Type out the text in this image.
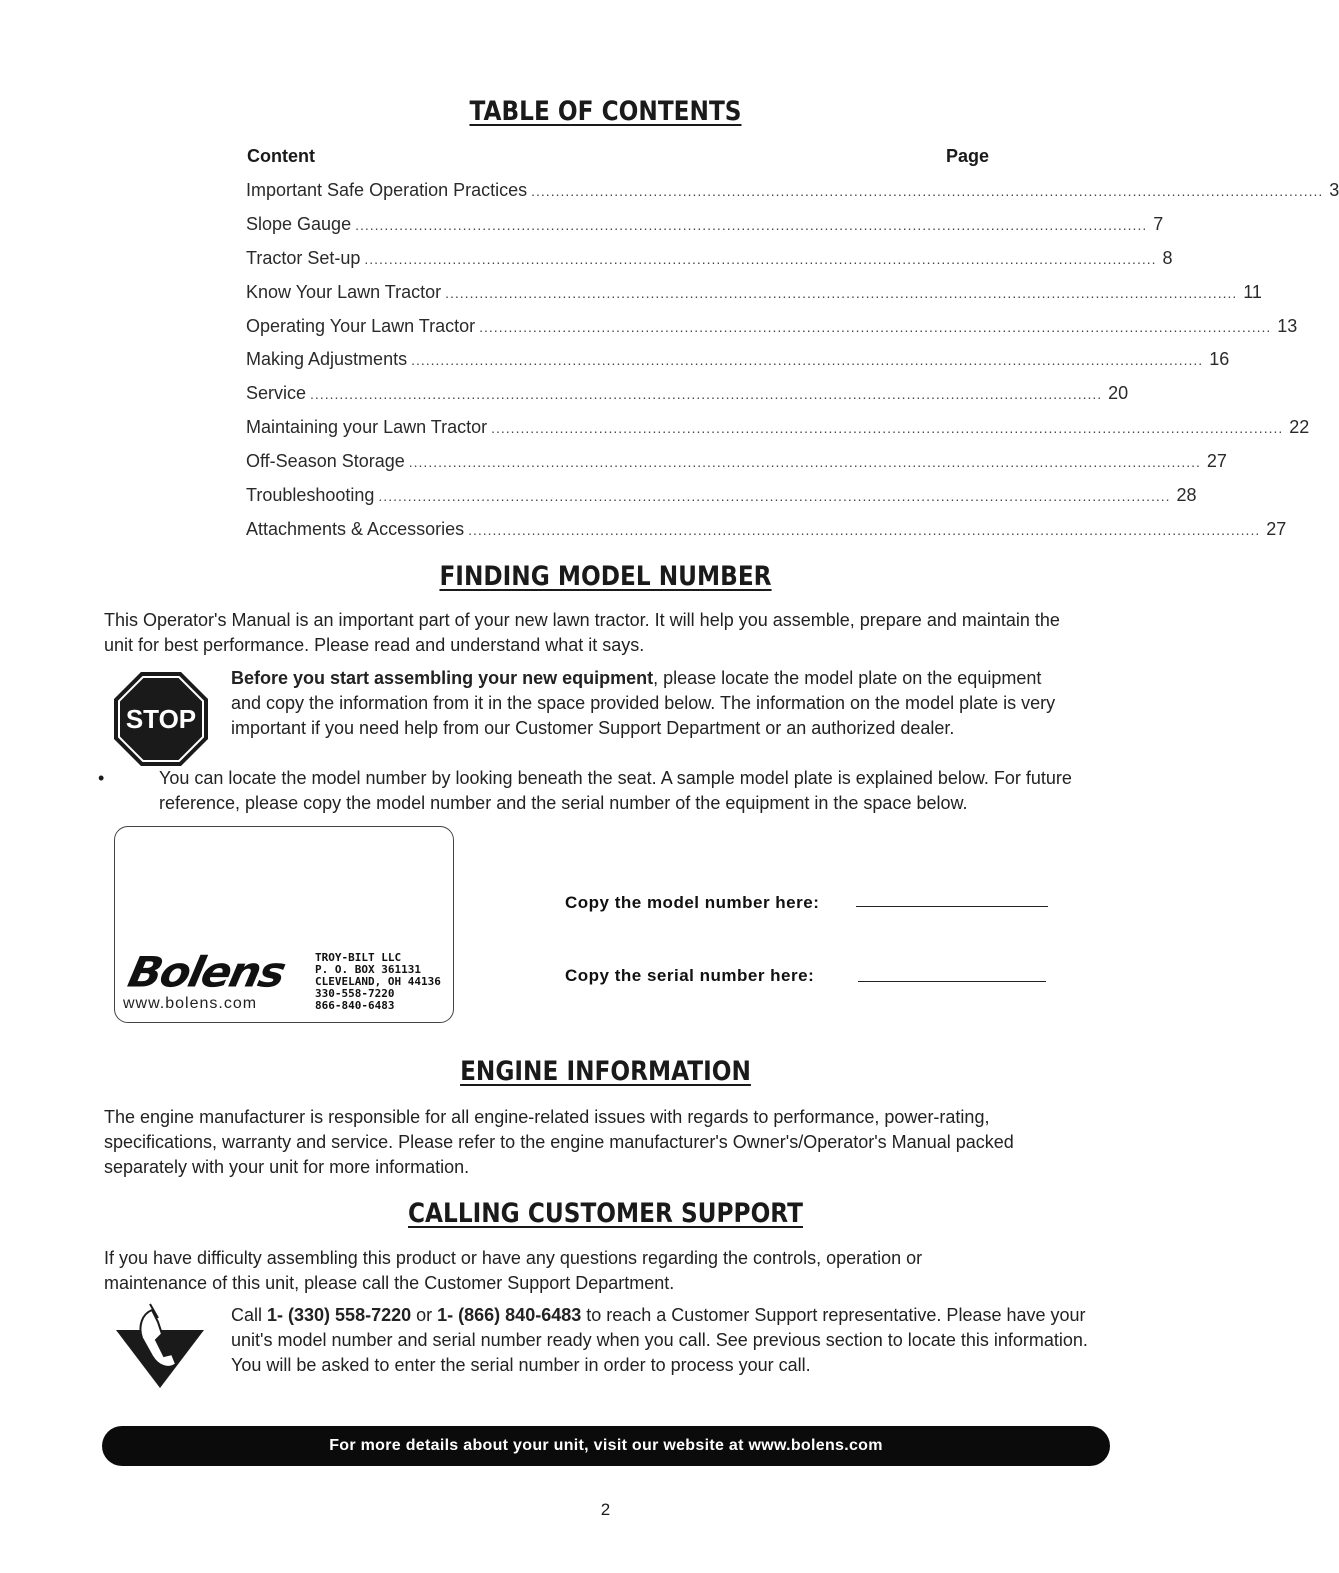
TABLE OF CONTENTS
Content	Page
Important Safe Operation Practices .................................................................................................................................................................. 3
Slope Gauge .................................................................................................................................................................. 7
Tractor Set-up .................................................................................................................................................................. 8
Know Your Lawn Tractor .................................................................................................................................................................. 11
Operating Your Lawn Tractor .................................................................................................................................................................. 13
Making Adjustments .................................................................................................................................................................. 16
Service .................................................................................................................................................................. 20
Maintaining your Lawn Tractor .................................................................................................................................................................. 22
Off-Season Storage .................................................................................................................................................................. 27
Troubleshooting .................................................................................................................................................................. 28
Attachments & Accessories .................................................................................................................................................................. 27
FINDING MODEL NUMBER

This Operator's Manual is an important part of your new lawn tractor. It will help you assemble, prepare and maintain the unit for best performance. Please read and understand what it says.

STOP

Before you start assembling your new equipment, please locate the model plate on the equipment and copy the information from it in the space provided below. The information on the model plate is very important if you need help from our Customer Support Department or an authorized dealer.

•	You can locate the model number by looking beneath the seat. A sample model plate is explained below. For future reference, please copy the model number and the serial number of the equipment in the space below.

Bolens
www.bolens.com
TROY-BILT LLC
P. O. BOX 361131
CLEVELAND, OH 44136
330-558-7220
866-840-6483
Copy the model number here:
Copy the serial number here:
ENGINE INFORMATION

The engine manufacturer is responsible for all engine-related issues with regards to performance, power-rating, specifications, warranty and service. Please refer to the engine manufacturer's Owner's/Operator's Manual packed separately with your unit for more information.

CALLING CUSTOMER SUPPORT

If you have difficulty assembling this product or have any questions regarding the controls, operation or maintenance of this unit, please call the Customer Support Department.

Call 1- (330) 558-7220 or 1- (866) 840-6483 to reach a Customer Support representative. Please have your unit's model number and serial number ready when you call. See previous section to locate this information. You will be asked to enter the serial number in order to process your call.

For more details about your unit, visit our website at www.bolens.com
2
